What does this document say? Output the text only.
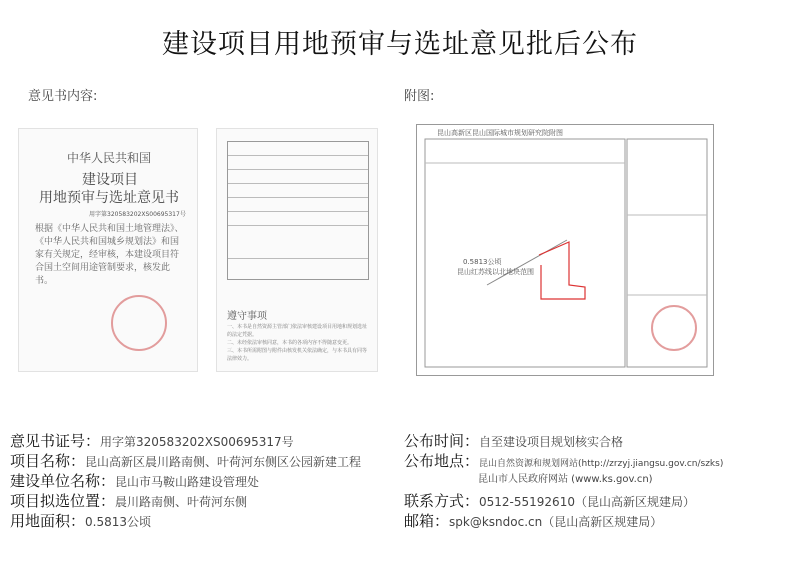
建设项目用地预审与选址意见批后公布
意见书内容:	附图:
中华人民共和国
建设项目
用地预审与选址意见书
用字第320583202XS00695317号
根据《中华人民共和国土地管理法》、《中华人民共和国城乡规划法》和国家有关规定，经审核，本建设项目符合国土空间用途管制要求，核发此书。
遵守事项
一、本书是自然资源主管部门依法审核建设项目用地和规划选址的法定凭据。
二、未经依法审核同意，本书的各项内容不得随意变更。
三、本书所需附图与附件由核发机关依法确定，与本书具有同等法律效力。
昆山高新区昆山国际城市规划研究院附图
0.5813公顷
昆山红苏线以北地块范围
意见书证号：用字第320583202XS00695317号
项目名称：昆山高新区晨川路南侧、叶荷河东侧区公园新建工程
建设单位名称：昆山市马鞍山路建设管理处
项目拟选位置：晨川路南侧、叶荷河东侧
用地面积：0.5813公顷
公布时间：自至建设项目规划核实合格
公布地点：昆山自然资源和规划网站(http://zrzyj.jiangsu.gov.cn/szks)
昆山市人民政府网站 (www.ks.gov.cn)
联系方式：0512-55192610（昆山高新区规建局）
邮箱：spk@ksndoc.cn（昆山高新区规建局）
